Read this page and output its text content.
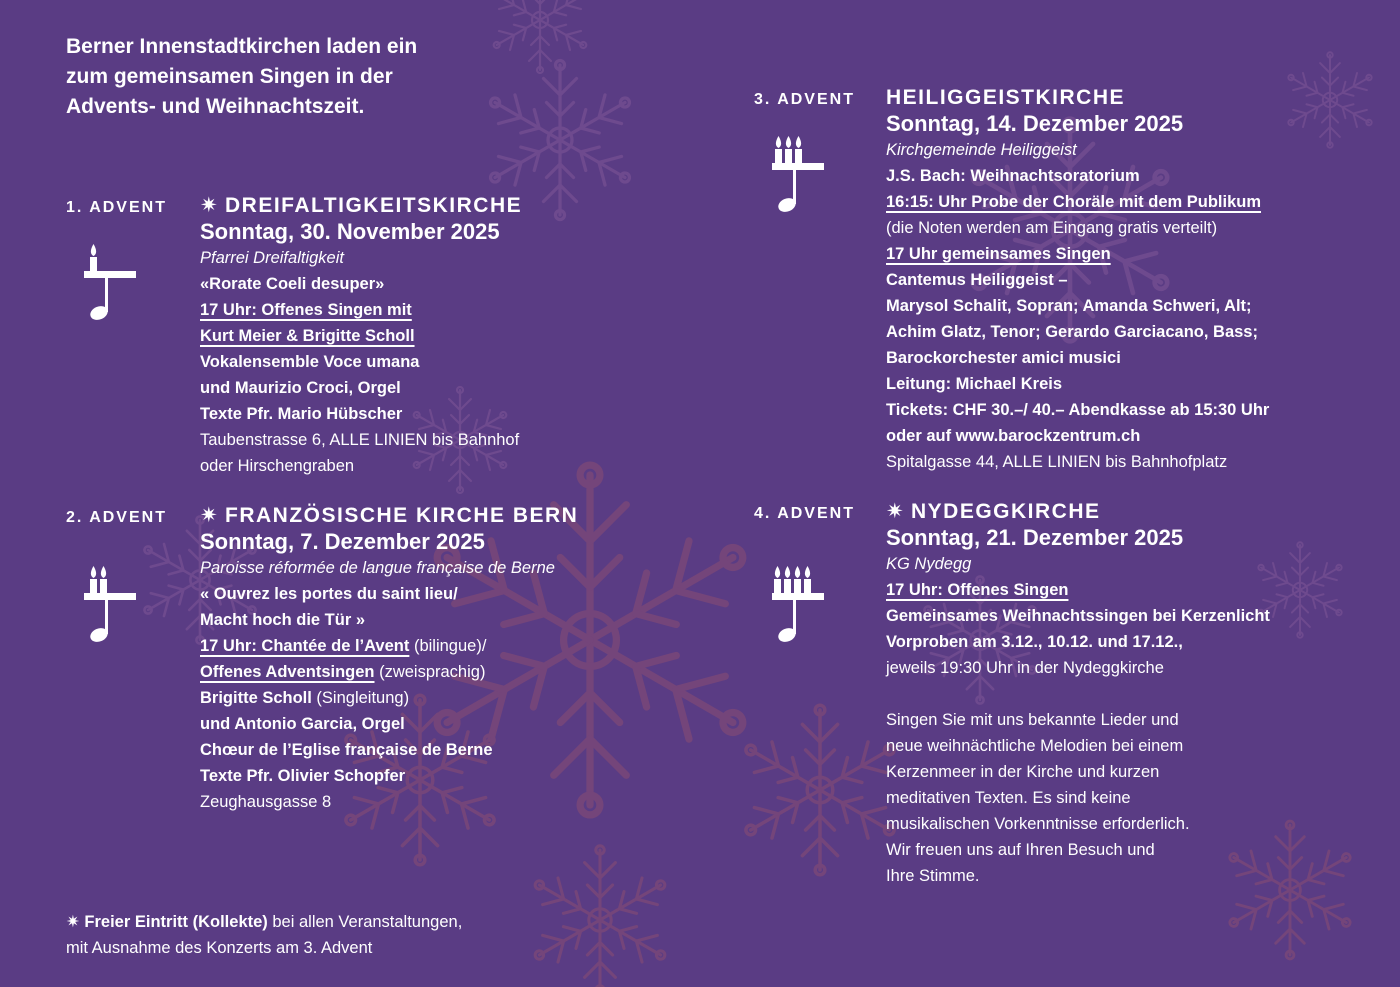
Berner Innenstadtkirchen laden ein
zum gemeinsamen Singen in der
Advents- und Weihnachtszeit.
1. ADVENT ✷ DREIFALTIGKEITSKIRCHE
Sonntag, 30. November 2025
Pfarrei Dreifaltigkeit
«Rorate Coeli desuper»
17 Uhr: Offenes Singen mit
Kurt Meier & Brigitte Scholl
Vokalensemble Voce umana
und Maurizio Croci, Orgel
Texte Pfr. Mario Hübscher
Taubenstrasse 6, ALLE LINIEN bis Bahnhof
oder Hirschengraben
2. ADVENT ✷ FRANZÖSISCHE KIRCHE BERN
Sonntag, 7. Dezember 2025
Paroisse réformée de langue française de Berne
« Ouvrez les portes du saint lieu/
Macht hoch die Tür »
17 Uhr: Chantée de l’Avent (bilingue)/
Offenes Adventsingen (zweisprachig)
Brigitte Scholl (Singleitung)
und Antonio Garcia, Orgel
Chœur de l’Eglise française de Berne
Texte Pfr. Olivier Schopfer
Zeughausgasse 8
3. ADVENT HEILIGGEISTKIRCHE
Sonntag, 14. Dezember 2025
Kirchgemeinde Heiliggeist
J.S. Bach: Weihnachtsoratorium
16:15: Uhr Probe der Choräle mit dem Publikum
(die Noten werden am Eingang gratis verteilt)
17 Uhr gemeinsames Singen
Cantemus Heiliggeist –
Marysol Schalit, Sopran; Amanda Schweri, Alt;
Achim Glatz, Tenor; Gerardo Garciacano, Bass;
Barockorchester amici musici
Leitung: Michael Kreis
Tickets: CHF 30.–/ 40.– Abendkasse ab 15:30 Uhr
oder auf www.barockzentrum.ch
Spitalgasse 44, ALLE LINIEN bis Bahnhofplatz
4. ADVENT ✷ NYDEGGKIRCHE
Sonntag, 21. Dezember 2025
KG Nydegg
17 Uhr: Offenes Singen
Gemeinsames Weihnachtssingen bei Kerzenlicht
Vorproben am 3.12., 10.12. und 17.12.,
jeweils 19:30 Uhr in der Nydeggkirche
Singen Sie mit uns bekannte Lieder und
neue weihnächtliche Melodien bei einem
Kerzenmeer in der Kirche und kurzen
meditativen Texten. Es sind keine
musikalischen Vorkenntnisse erforderlich.
Wir freuen uns auf Ihren Besuch und
Ihre Stimme.
✷ Freier Eintritt (Kollekte) bei allen Veranstaltungen,
mit Ausnahme des Konzerts am 3. Advent
